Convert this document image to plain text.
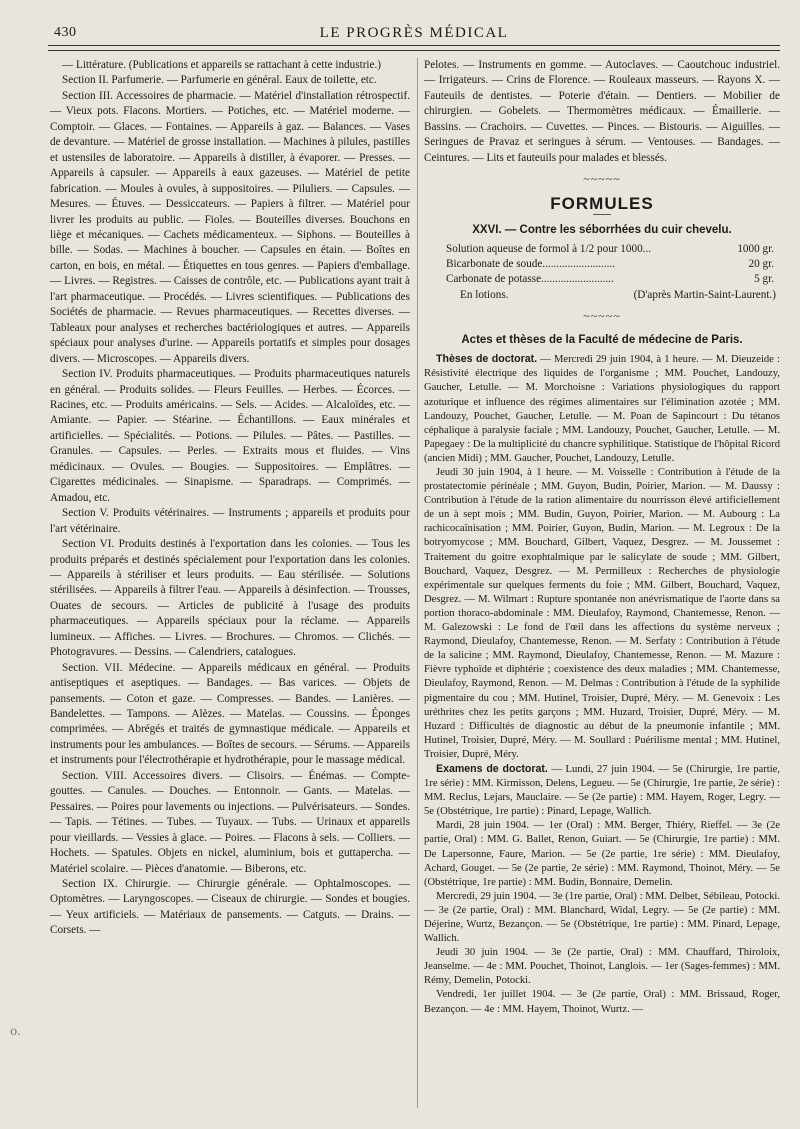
430	LE PROGRÈS MÉDICAL

— Littérature. (Publications et appareils se rattachant à cette industrie.)

Section II. Parfumerie. — Parfumerie en général. Eaux de toilette, etc.

Section III. Accessoires de pharmacie. — Matériel d'installation rétrospectif. — Vieux pots. Flacons. Mortiers. — Potiches, etc. — Matériel moderne. — Comptoir. — Glaces. — Fontaines. — Appareils à gaz. — Balances. — Vases de devanture. — Matériel de grosse installation. — Machines à pilules, pastilles et ustensiles de laboratoire. — Appareils à distiller, à évaporer. — Presses. — Appareils à capsuler. — Appareils à eaux gazeuses. — Matériel de petite fabrication. — Moules à ovules, à suppositoires. — Piluliers. — Capsules. — Mesures. — Étuves. — Dessiccateurs. — Papiers à filtrer. — Matériel pour livrer les produits au public. — Fioles. — Bouteilles diverses. Bouchons en liège et mécaniques. — Cachets médicamenteux. — Siphons. — Bouteilles à bille. — Sodas. — Machines à boucher. — Capsules en étain. — Boîtes en carton, en bois, en métal. — Étiquettes en tous genres. — Papiers d'emballage. — Livres. — Registres. — Caisses de contrôle, etc. — Publications ayant trait à l'art pharmaceutique. — Procédés. — Livres scientifiques. — Publications des Sociétés de pharmacie. — Revues pharmaceutiques. — Recettes diverses. — Tableaux pour analyses et recherches bactériologiques et autres. — Appareils spéciaux pour analyses d'urine. — Appareils portatifs et simples pour dosages divers. — Microscopes. — Appareils divers.

Section IV. Produits pharmaceutiques. — Produits pharmaceutiques naturels en général. — Produits solides. — Fleurs Feuilles. — Herbes. — Écorces. — Racines, etc. — Produits américains. — Sels. — Acides. — Alcaloïdes, etc. — Amiante. — Papier. — Stéarine. — Échantillons. — Eaux minérales et artificielles. — Spécialités. — Potions. — Pilules. — Pâtes. — Pastilles. — Granules. — Capsules. — Perles. — Extraits mous et fluides. — Vins médicinaux. — Ovules. — Bougies. — Suppositoires. — Emplâtres. — Cigarettes médicinales. — Sinapisme. — Sparadraps. — Comprimés. — Amadou, etc.

Section V. Produits vétérinaires. — Instruments ; appareils et produits pour l'art vétérinaire.

Section VI. Produits destinés à l'exportation dans les colonies. — Tous les produits préparés et destinés spécialement pour l'exportation dans les colonies. — Appareils à stériliser et leurs produits. — Eau stérilisée. — Solutions stérilisées. — Appareils à filtrer l'eau. — Appareils à désinfection. — Trousses, Ouates de secours. — Articles de publicité à l'usage des produits pharmaceutiques. — Appareils spéciaux pour la réclame. — Appareils lumineux. — Affiches. — Livres. — Brochures. — Chromos. — Clichés. — Photogravures. — Dessins. — Calendriers, catalogues.

Section. VII. Médecine. — Appareils médicaux en général. — Produits antiseptiques et aseptiques. — Bandages. — Bas varices. — Objets de pansements. — Coton et gaze. — Compresses. — Bandes. — Lanières. — Bandelettes. — Tampons. — Alèzes. — Matelas. — Coussins. — Éponges comprimées. — Abrégés et traités de gymnastique médicale. — Appareils et instruments pour les ambulances. — Boîtes de secours. — Sérums. — Appareils et instruments pour l'électrothérapie et hydrothérapie, pour le massage médical.

Section. VIII. Accessoires divers. — Clisoirs. — Énémas. — Compte-gouttes. — Canules. — Douches. — Entonnoir. — Gants. — Matelas. — Pessaires. — Poires pour lavements ou injections. — Pulvérisateurs. — Sondes. — Tapis. — Tétines. — Tubes. — Tuyaux. — Tubs. — Urinaux et appareils pour vieillards. — Vessies à glace. — Poires. — Flacons à sels. — Colliers. — Hochets. — Spatules. Objets en nickel, aluminium, bois et guttapercha. — Matériel scolaire. — Pièces d'anatomie. — Biberons, etc.

Section IX. Chirurgie. — Chirurgie générale. — Ophtalmoscopes. — Optomètres. — Laryngoscopes. — Ciseaux de chirurgie. — Sondes et bougies. — Yeux artificiels. — Matériaux de pansements. — Catguts. — Drains. — Corsets. —

Pelotes. — Instruments en gomme. — Autoclaves. — Caoutchouc industriel. — Irrigateurs. — Crins de Florence. — Rouleaux masseurs. — Rayons X. — Fauteuils de dentistes. — Poterie d'étain. — Dentiers. — Mobilier de chirurgien. — Gobelets. — Thermomètres médicaux. — Émaillerie. — Bassins. — Crachoirs. — Cuvettes. — Pinces. — Bistouris. — Aiguilles. — Seringues de Pravaz et seringues à sérum. — Ventouses. — Bandages. — Ceintures. — Lits et fauteuils pour malades et blessés.

~~~~~
FORMULES
XXVI. — Contre les séborrhées du cuir chevelu.
Solution aqueuse de formol à 1/2 pour 1000...	1000 gr.
Bicarbonate de soude..........................	20 gr.
Carbonate de potasse..........................	5 gr.
En lotions.	(D'après Martin-Saint-Laurent.)
~~~~~
Actes et thèses de la Faculté de médecine de Paris.

Thèses de doctorat. — Mercredi 29 juin 1904, à 1 heure. — M. Dieuzeide : Résistivité électrique des liquides de l'organisme ; MM. Pouchet, Landouzy, Gaucher, Letulle. — M. Morchoisne : Variations physiologiques du rapport azoturique et influence des régimes alimentaires sur l'élimination azotée ; MM. Landouzy, Pouchet, Gaucher, Letulle. — M. Poan de Sapincourt : Du tétanos céphalique à paralysie faciale ; MM. Landouzy, Pouchet, Gaucher, Letulle. — M. Papegaey : De la multiplicité du chancre syphilitique. Statistique de l'hôpital Ricord (ancien Midi) ; MM. Gaucher, Pouchet, Landouzy, Letulle.

Jeudi 30 juin 1904, à 1 heure. — M. Voisselle : Contribution à l'étude de la prostatectomie périnéale ; MM. Guyon, Budin, Poirier, Marion. — M. Daussy : Contribution à l'étude de la ration alimentaire du nourrisson élevé artificiellement de un à sept mois ; MM. Budin, Guyon, Poirier, Marion. — M. Aubourg : La rachicocaïnisation ; MM. Poirier, Guyon, Budin, Marion. — M. Legroux : De la botryomycose ; MM. Bouchard, Gilbert, Vaquez, Desgrez. — M. Joussemet : Traitement du goitre exophtalmique par le salicylate de soude ; MM. Gilbert, Bouchard, Vaquez, Desgrez. — M. Permilleux : Recherches de physiologie expérimentale sur quelques ferments du foie ; MM. Gilbert, Bouchard, Vaquez, Desgrez. — M. Wilmart : Rupture spontanée non anévrismatique de l'aorte dans sa portion thoraco-abdominale : MM. Dieulafoy, Raymond, Chantemesse, Renon. — M. Galezowski : Le fond de l'œil dans les affections du système nerveux ; Raymond, Dieulafoy, Chantemesse, Renon. — M. Serfaty : Contribution à l'étude de la salicine ; MM. Raymond, Dieulafoy, Chantemesse, Renon. — M. Mazure : Fièvre typhoïde et diphtérie ; coexistence des deux maladies ; MM. Chantemesse, Dieulafoy, Raymond, Renon. — M. Delmas : Contribution à l'étude de la syphilide pigmentaire du cou ; MM. Hutinel, Troisier, Dupré, Méry. — M. Genevoix : Les uréthrites chez les petits garçons ; MM. Huzard, Troisier, Dupré, Méry. — M. Huzard : Difficultés de diagnostic au début de la pneumonie infantile ; MM. Hutinel, Troisier, Dupré, Méry. — M. Soullard : Puérilisme mental ; MM. Hutinel, Troisier, Dupré, Méry.

Examens de doctorat. — Lundi, 27 juin 1904. — 5e (Chirurgie, 1re partie, 1re série) : MM. Kirmisson, Delens, Legueu. — 5e (Chirurgie, 1re partie, 2e série) : MM. Reclus, Lejars, Mauclaire. — 5e (2e partie) : MM. Hayem, Roger, Legry. — 5e (Obstétrique, 1re partie) : Pinard, Lepage, Wallich.

Mardi, 28 juin 1904. — 1er (Oral) : MM. Berger, Thiéry, Rieffel. — 3e (2e partie, Oral) : MM. G. Ballet, Renon, Guiart. — 5e (Chirurgie, 1re partie) : MM. De Lapersonne, Faure, Marion. — 5e (2e partie, 1re série) : MM. Dieulafoy, Achard, Gouget. — 5e (2e partie, 2e série) : MM. Raymond, Thoinot, Méry. — 5e (Obstétrique, 1re partie) : MM. Budin, Bonnaire, Demelin.

Mercredi, 29 juin 1904. — 3e (1re partie, Oral) : MM. Delbet, Sébileau, Potocki. — 3e (2e partie, Oral) : MM. Blanchard, Widal, Legry. — 5e (2e partie) : MM. Déjerine, Wurtz, Bezançon. — 5e (Obstétrique, 1re partie) : MM. Pinard, Lepage, Wallich.

Jeudi 30 juin 1904. — 3e (2e partie, Oral) : MM. Chauffard, Thiroloix, Jeanselme. — 4e : MM. Pouchet, Thoinot, Langlois. — 1er (Sages-femmes) : MM. Rémy, Demelin, Potocki.

Vendredi, 1er juillet 1904. — 3e (2e partie, Oral) : MM. Brissaud, Roger, Bezançon. — 4e : MM. Hayem, Thoinot, Wurtz. —

o.
